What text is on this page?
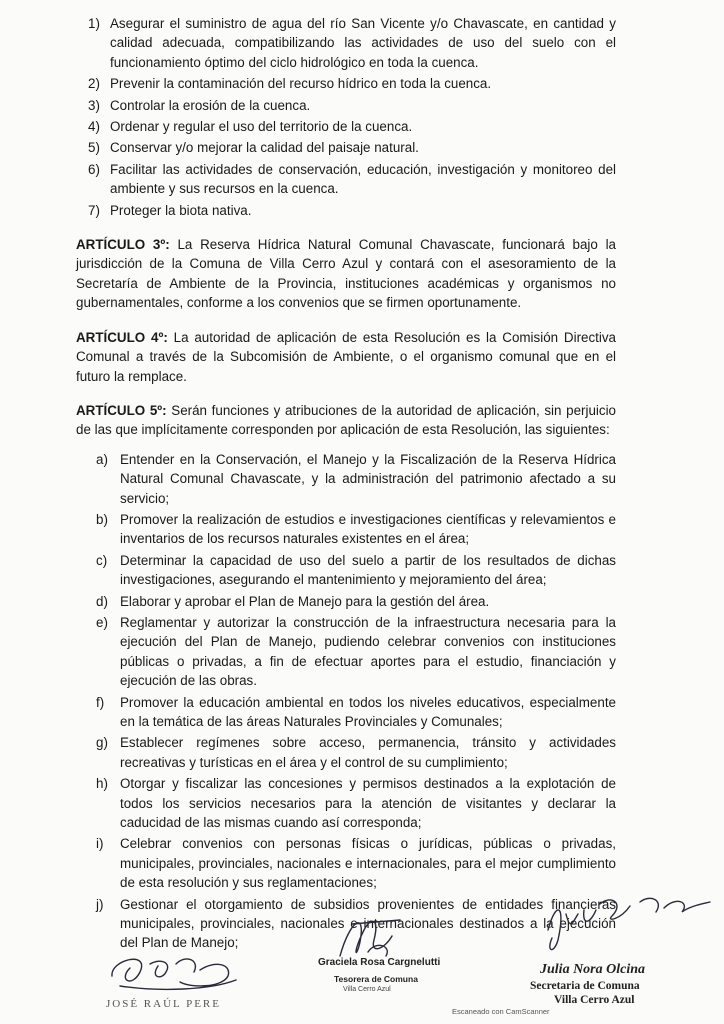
1) Asegurar el suministro de agua del río San Vicente y/o Chavascate, en cantidad y calidad adecuada, compatibilizando las actividades de uso del suelo con el funcionamiento óptimo del ciclo hidrológico en toda la cuenca.
2) Prevenir la contaminación del recurso hídrico en toda la cuenca.
3) Controlar la erosión de la cuenca.
4) Ordenar y regular el uso del territorio de la cuenca.
5) Conservar y/o mejorar la calidad del paisaje natural.
6) Facilitar las actividades de conservación, educación, investigación y monitoreo del ambiente y sus recursos en la cuenca.
7) Proteger la biota nativa.

ARTÍCULO 3º: La Reserva Hídrica Natural Comunal Chavascate, funcionará bajo la jurisdicción de la Comuna de Villa Cerro Azul y contará con el asesoramiento de la Secretaría de Ambiente de la Provincia, instituciones académicas y organismos no gubernamentales, conforme a los convenios que se firmen oportunamente.

ARTÍCULO 4º: La autoridad de aplicación de esta Resolución es la Comisión Directiva Comunal a través de la Subcomisión de Ambiente, o el organismo comunal que en el futuro la remplace.

ARTÍCULO 5º: Serán funciones y atribuciones de la autoridad de aplicación, sin perjuicio de las que implícitamente corresponden por aplicación de esta Resolución, las siguientes:

a) Entender en la Conservación, el Manejo y la Fiscalización de la Reserva Hídrica Natural Comunal Chavascate, y la administración del patrimonio afectado a su servicio;
b) Promover la realización de estudios e investigaciones científicas y relevamientos e inventarios de los recursos naturales existentes en el área;
c) Determinar la capacidad de uso del suelo a partir de los resultados de dichas investigaciones, asegurando el mantenimiento y mejoramiento del área;
d) Elaborar y aprobar el Plan de Manejo para la gestión del área.
e) Reglamentar y autorizar la construcción de la infraestructura necesaria para la ejecución del Plan de Manejo, pudiendo celebrar convenios con instituciones públicas o privadas, a fin de efectuar aportes para el estudio, financiación y ejecución de las obras.
f) Promover la educación ambiental en todos los niveles educativos, especialmente en la temática de las áreas Naturales Provinciales y Comunales;
g) Establecer regímenes sobre acceso, permanencia, tránsito y actividades recreativas y turísticas en el área y el control de su cumplimiento;
h) Otorgar y fiscalizar las concesiones y permisos destinados a la explotación de todos los servicios necesarios para la atención de visitantes y declarar la caducidad de las mismas cuando así corresponda;
i) Celebrar convenios con personas físicas o jurídicas, públicas o privadas, municipales, provinciales, nacionales e internacionales, para el mejor cumplimiento de esta resolución y sus reglamentaciones;
j) Gestionar el otorgamiento de subsidios provenientes de entidades financieras municipales, provinciales, nacionales e internacionales destinados a la ejecución del Plan de Manejo;
JOSÉ RAÚL PERE
Graciela Rosa Cargnelutti
Tesorera de Comuna
Villa Cerro Azul
Julia Nora Olcina
Secretaria de Comuna
Villa Cerro Azul
Escaneado con CamScanner
